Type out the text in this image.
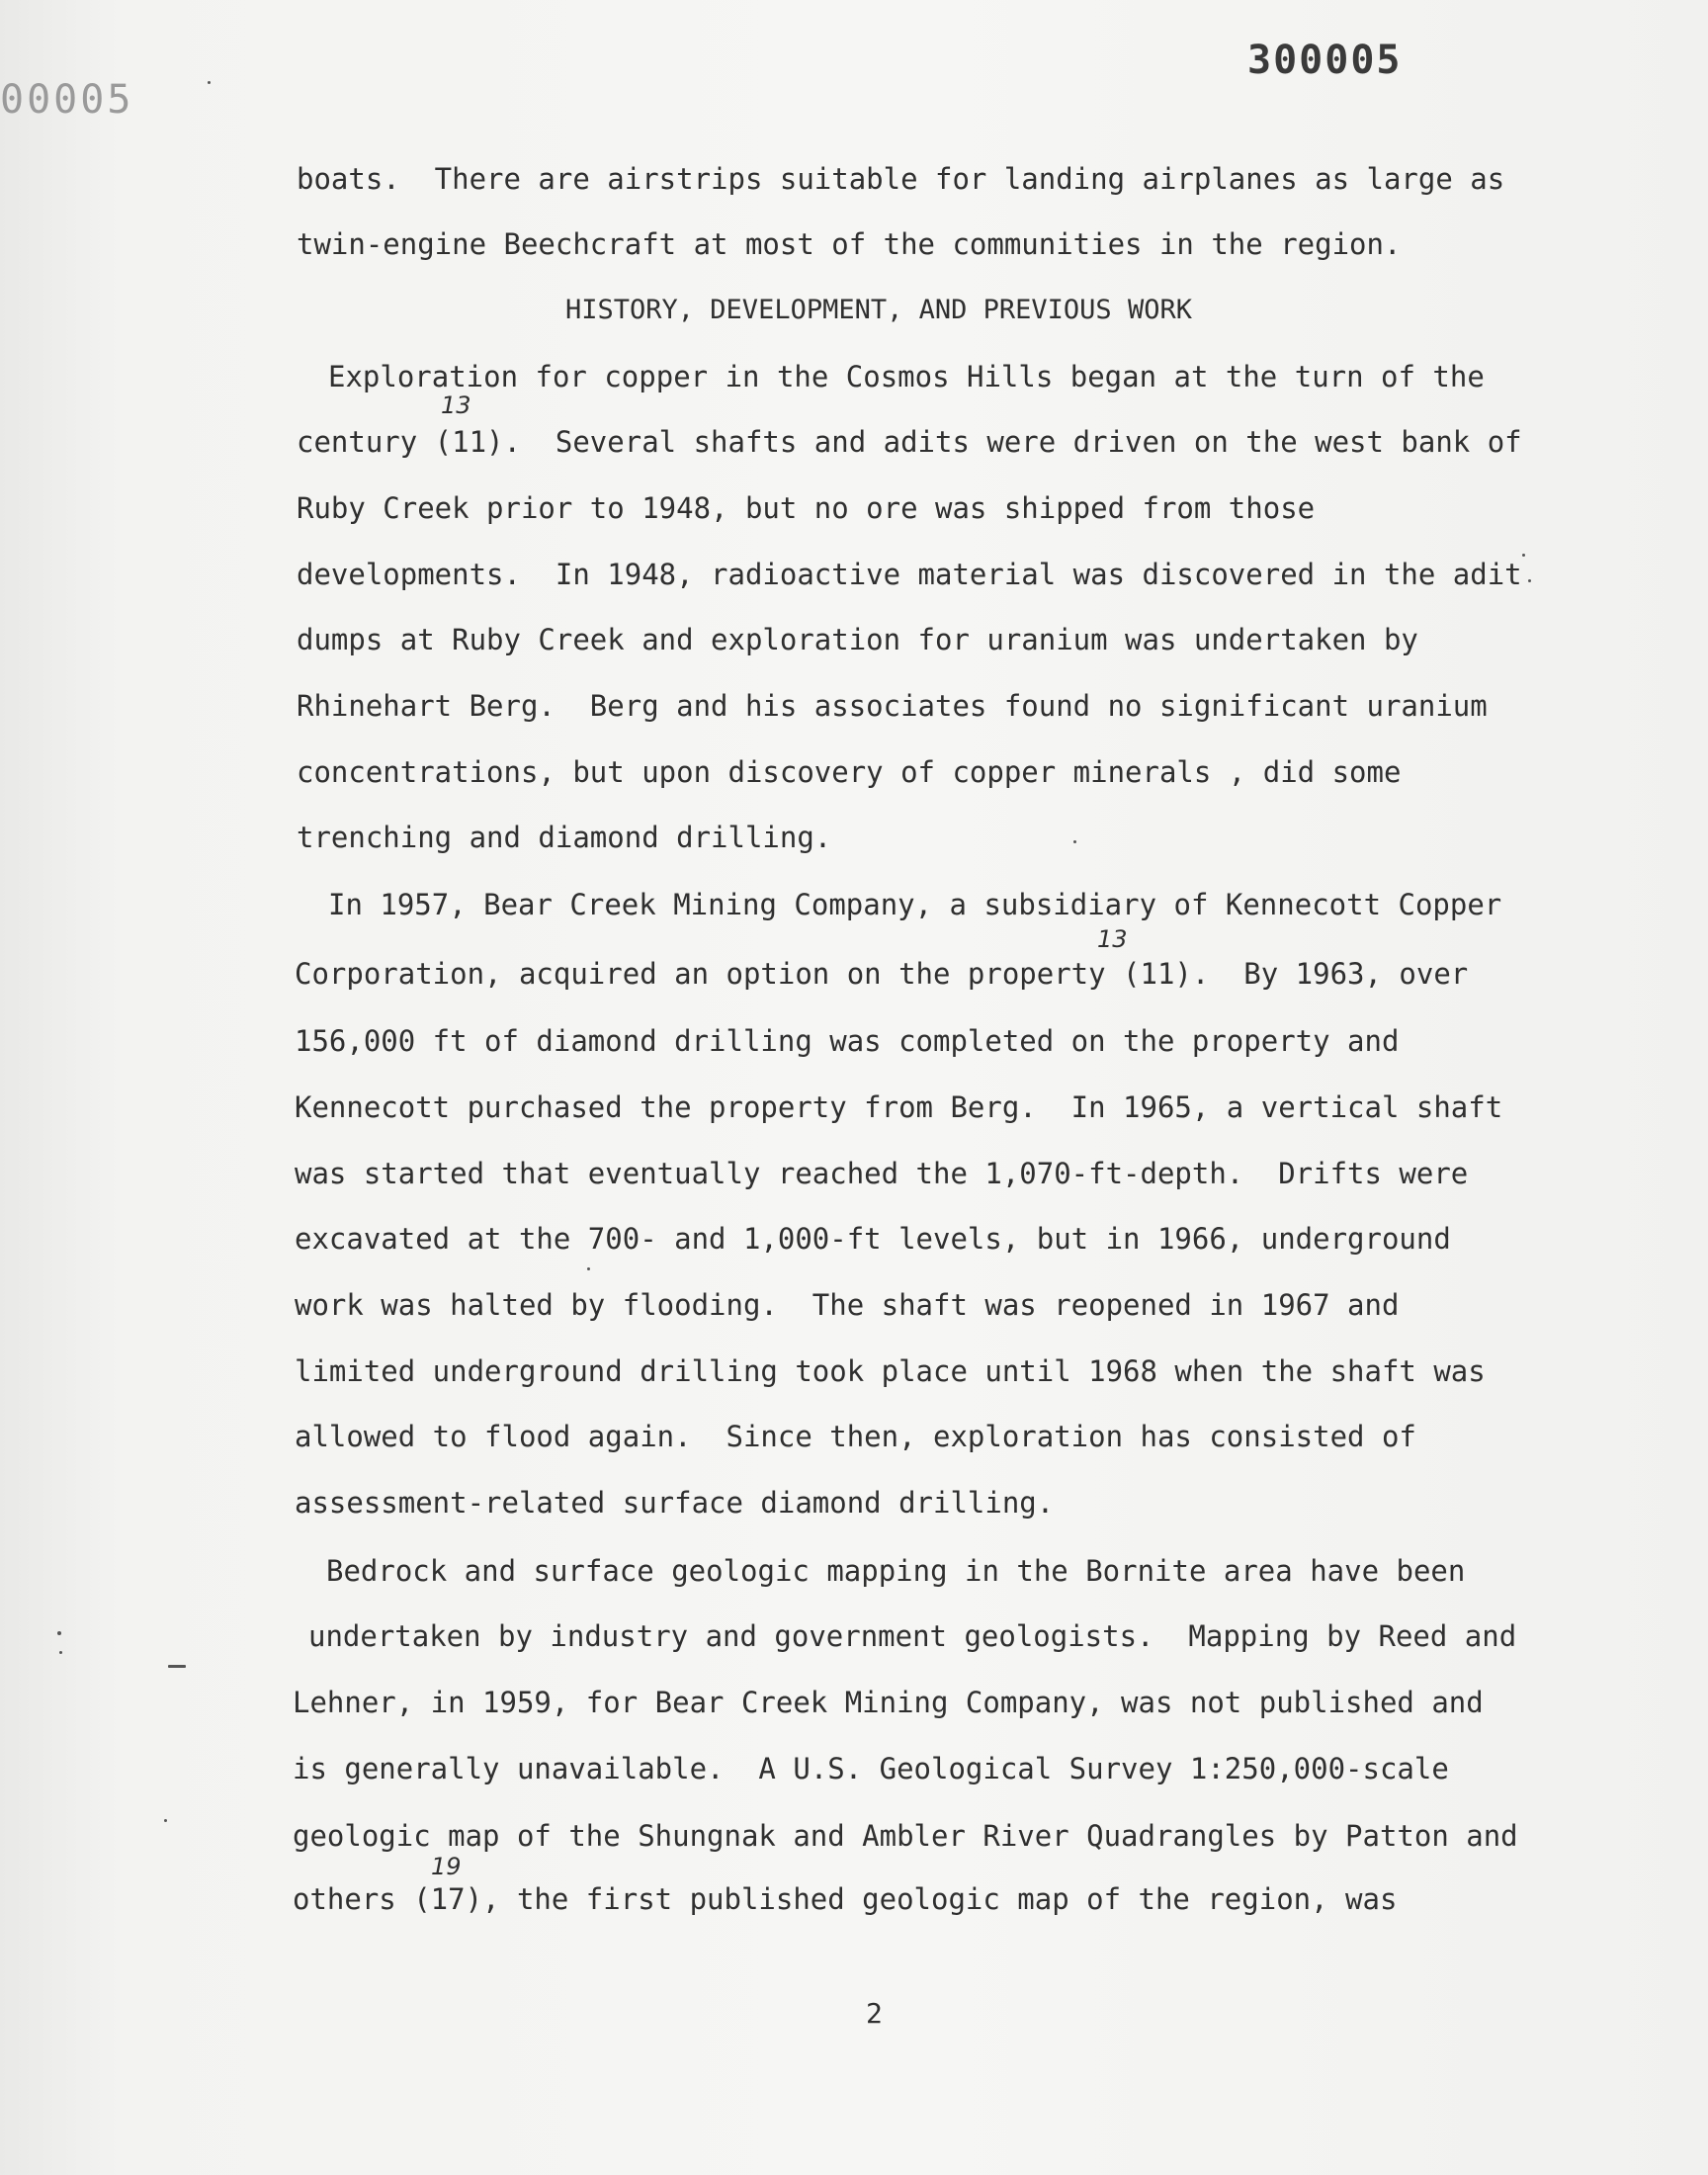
00005
300005
boats.  There are airstrips suitable for landing airplanes as large as
twin-engine Beechcraft at most of the communities in the region.
HISTORY, DEVELOPMENT, AND PREVIOUS WORK
Exploration for copper in the Cosmos Hills began at the turn of the
13
century (11).  Several shafts and adits were driven on the west bank of
Ruby Creek prior to 1948, but no ore was shipped from those
developments.  In 1948, radioactive material was discovered in the adit
dumps at Ruby Creek and exploration for uranium was undertaken by
Rhinehart Berg.  Berg and his associates found no significant uranium
concentrations, but upon discovery of copper minerals , did some
trenching and diamond drilling.
In 1957, Bear Creek Mining Company, a subsidiary of Kennecott Copper
13
Corporation, acquired an option on the property (11).  By 1963, over
156,000 ft of diamond drilling was completed on the property and
Kennecott purchased the property from Berg.  In 1965, a vertical shaft
was started that eventually reached the 1,070-ft-depth.  Drifts were
excavated at the 700- and 1,000-ft levels, but in 1966, underground
work was halted by flooding.  The shaft was reopened in 1967 and
limited underground drilling took place until 1968 when the shaft was
allowed to flood again.  Since then, exploration has consisted of
assessment-related surface diamond drilling.
Bedrock and surface geologic mapping in the Bornite area have been
undertaken by industry and government geologists.  Mapping by Reed and
Lehner, in 1959, for Bear Creek Mining Company, was not published and
is generally unavailable.  A U.S. Geological Survey 1:250,000-scale
geologic map of the Shungnak and Ambler River Quadrangles by Patton and
19
others (17), the first published geologic map of the region, was
2
